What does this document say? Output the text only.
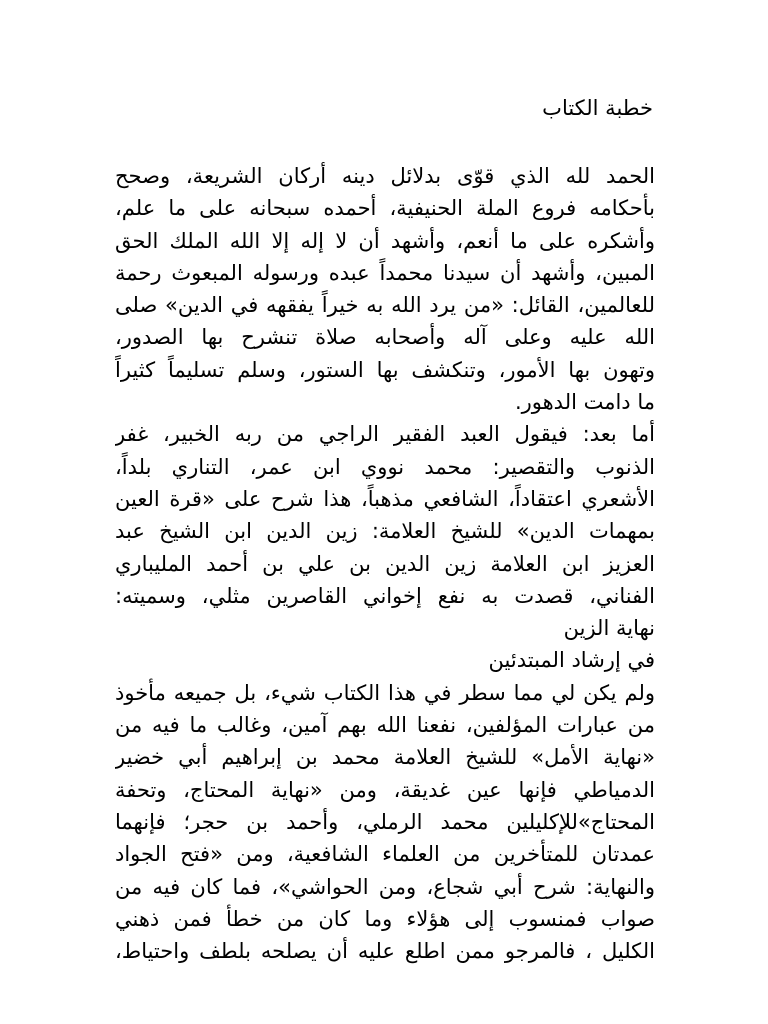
خطبة الكتاب
الحمد لله الذي قوّى بدلائل دينه أركان الشريعة، وصحح
بأحكامه فروع الملة الحنيفية، أحمده سبحانه على ما علم،
وأشكره على ما أنعم، وأشهد أن لا إله إلا الله الملك الحق
المبين، وأشهد أن سيدنا محمداً عبده ورسوله المبعوث رحمة
للعالمين، القائل: «من يرد الله به خيراً يفقهه في الدين» صلى
الله عليه وعلى آله وأصحابه صلاة تنشرح بها الصدور،
وتهون بها الأمور، وتنكشف بها الستور، وسلم تسليماً كثيراً
ما دامت الدهور.
أما بعد: فيقول العبد الفقير الراجي من ربه الخبير، غفر
الذنوب والتقصير: محمد نووي ابن عمر، التناري بلداً،
الأشعري اعتقاداً، الشافعي مذهباً، هذا شرح على «قرة العين
بمهمات الدين» للشيخ العلامة: زين الدين ابن الشيخ عبد
العزيز ابن العلامة زين الدين بن علي بن أحمد المليباري
الفناني، قصدت به نفع إخواني القاصرين مثلي، وسميته:
نهاية الزين
في إرشاد المبتدئين
ولم يكن لي مما سطر في هذا الكتاب شيء، بل جميعه مأخوذ
من عبارات المؤلفين، نفعنا الله بهم آمين، وغالب ما فيه من
«نهاية الأمل» للشيخ العلامة محمد بن إبراهيم أبي خضير
الدمياطي فإنها عين غديقة، ومن «نهاية المحتاج، وتحفة
المحتاج»للإكليلين محمد الرملي، وأحمد بن حجر؛ فإنهما
عمدتان للمتأخرين من العلماء الشافعية، ومن «فتح الجواد
والنهاية: شرح أبي شجاع، ومن الحواشي»، فما كان فيه من
صواب فمنسوب إلى هؤلاء وما كان من خطأ فمن ذهني
الكليل ، فالمرجو ممن اطلع عليه أن يصلحه بلطف واحتياط،
